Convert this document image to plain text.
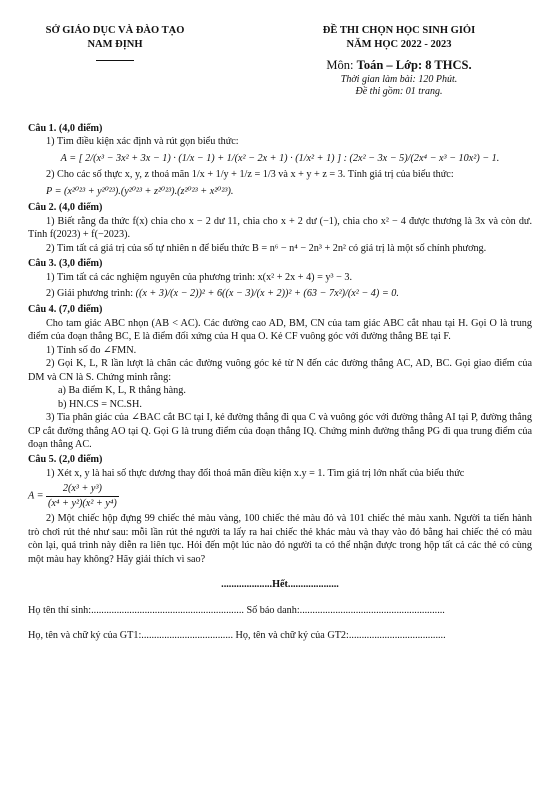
SỞ GIÁO DỤC VÀ ĐÀO TẠO
NAM ĐỊNH
ĐỀ THI CHỌN HỌC SINH GIỎI
NĂM HỌC 2022 - 2023
Môn: Toán – Lớp: 8 THCS.
Thời gian làm bài: 120 Phút.
Đề thi gồm: 01 trang.
Câu 1. (4,0 điểm)
1) Tìm điều kiện xác định và rút gọn biểu thức:
A = [ 2/(x³ − 3x² + 3x − 1) · (1/x − 1) + 1/(x² − 2x + 1) · (1/x² + 1) ] : (2x² − 3x − 5)/(2x⁴ − x³ − 10x²) − 1.
2) Cho các số thực x, y, z thoả mãn 1/x + 1/y + 1/z = 1/3 và x + y + z = 3. Tính giá trị của biểu thức:
P = (x²⁰²³ + y²⁰²³).(y²⁰²³ + z²⁰²³).(z²⁰²³ + x²⁰²³).
Câu 2. (4,0 điểm)
1) Biết rằng đa thức f(x) chia cho x − 2 dư 11, chia cho x + 2 dư (−1), chia cho x² − 4 được thương là 3x và còn dư. Tính f(2023) + f(−2023).
2) Tìm tất cả giá trị của số tự nhiên n để biểu thức B = n⁶ − n⁴ − 2n³ + 2n² có giá trị là một số chính phương.
Câu 3. (3,0 điểm)
1) Tìm tất cả các nghiệm nguyên của phương trình: x(x² + 2x + 4) = y³ − 3.
2) Giải phương trình: ((x + 3)/(x − 2))² + 6((x − 3)/(x + 2))² + (63 − 7x²)/(x² − 4) = 0.
Câu 4. (7,0 điểm)
Cho tam giác ABC nhọn (AB < AC). Các đường cao AD, BM, CN của tam giác ABC cắt nhau tại H. Gọi O là trung điểm của đoạn thẳng BC, E là điểm đối xứng của H qua O. Kẻ CF vuông góc với đường thẳng BE tại F.
1) Tính số đo ∠FMN.
2) Gọi K, L, R lần lượt là chân các đường vuông góc kẻ từ N đến các đường thẳng AC, AD, BC. Gọi giao điểm của DM và CN là S. Chứng minh rằng:
a) Ba điểm K, L, R thẳng hàng.
b) HN.CS = NC.SH.
3) Tia phân giác của ∠BAC cắt BC tại I, kẻ đường thẳng đi qua C và vuông góc với đường thẳng AI tại P, đường thẳng CP cắt đường thẳng AO tại Q. Gọi G là trung điểm của đoạn thẳng IQ. Chứng minh đường thẳng PG đi qua trung điểm của đoạn thẳng AC.
Câu 5. (2,0 điểm)
1) Xét x, y là hai số thực dương thay đổi thoả mãn điều kiện x.y = 1. Tìm giá trị lớn nhất của biểu thức
$A = \frac{\text{2(x³ + y³)}}{\text{(x⁴ + y²)(x² + y⁴)}}$
2) Một chiếc hộp đựng 99 chiếc thẻ màu vàng, 100 chiếc thẻ màu đỏ và 101 chiếc thẻ màu xanh. Người ta tiến hành trò chơi rút thẻ như sau: mỗi lần rút thẻ người ta lấy ra hai chiếc thẻ khác màu và thay vào đó bằng hai chiếc thẻ có màu còn lại, quá trình này diễn ra liên tục. Hỏi đến một lúc nào đó người ta có thể nhận được trong hộp tất cả các thẻ có cùng một màu hay không? Hãy giải thích vì sao?
....................Hết....................
Họ tên thí sinh:............................................................ Số báo danh:.........................................................
Họ, tên và chữ ký của GT1:.................................... Họ, tên và chữ ký của GT2:......................................
